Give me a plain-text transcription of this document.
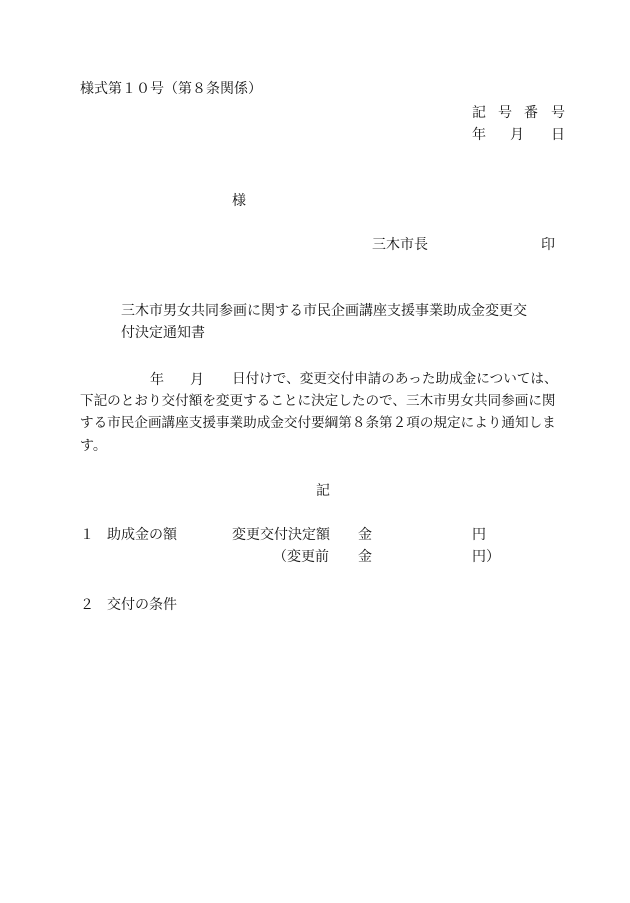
様式第１０号（第８条関係）
記 号 番 号
年 月 日
様
三木市長	印
三木市男女共同参画に関する市民企画講座支援事業助成金変更交
付決定通知書
年 月 日付けで、変更交付申請のあった助成金については、
下記のとおり交付額を変更することに決定したので、三木市男女共同参画に関
する市民企画講座支援事業助成金交付要綱第８条第２項の規定により通知しま
す。
記
１ 助成金の額	変更交付決定額 金	円
（変更前 金	円）
２ 交付の条件
